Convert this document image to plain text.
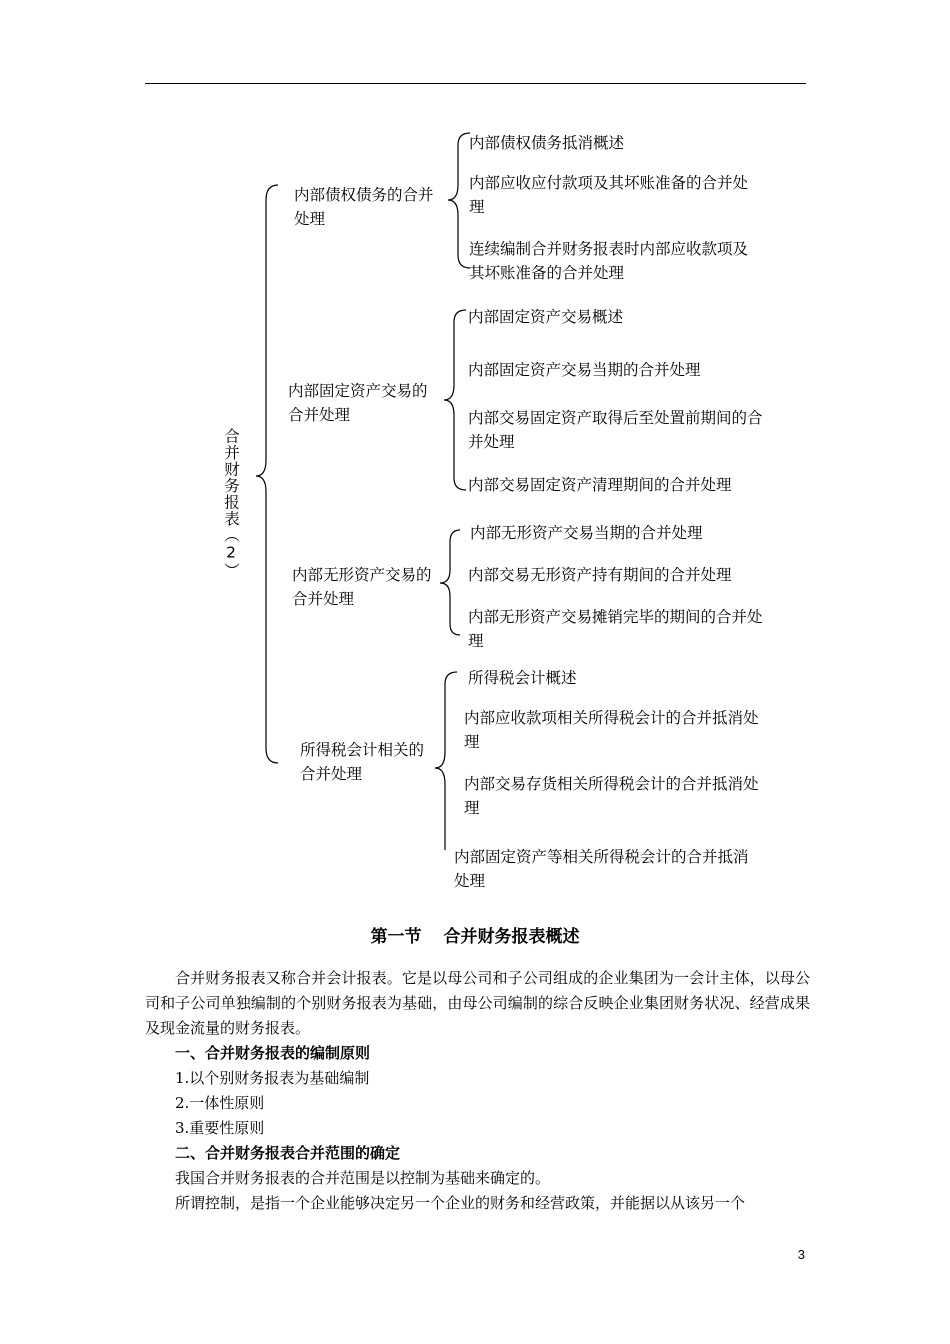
合并财务报表（2）
内部债权债务的合并处理
内部债权债务抵消概述
内部应收应付款项及其坏账准备的合并处理
连续编制合并财务报表时内部应收款项及其坏账准备的合并处理
内部固定资产交易的合并处理
内部固定资产交易概述
内部固定资产交易当期的合并处理
内部交易固定资产取得后至处置前期间的合并处理
内部交易固定资产清理期间的合并处理
内部无形资产交易的合并处理
内部无形资产交易当期的合并处理
内部交易无形资产持有期间的合并处理
内部无形资产交易摊销完毕的期间的合并处理
所得税会计相关的合并处理
所得税会计概述
内部应收款项相关所得税会计的合并抵消处理
内部交易存货相关所得税会计的合并抵消处理
内部固定资产等相关所得税会计的合并抵消处理
第一节 合并财务报表概述

合并财务报表又称合并会计报表。它是以母公司和子公司组成的企业集团为一会计主体，以母公司和子公司单独编制的个别财务报表为基础，由母公司编制的综合反映企业集团财务状况、经营成果及现金流量的财务报表。

一、合并财务报表的编制原则

1.以个别财务报表为基础编制

2.一体性原则

3.重要性原则

二、合并财务报表合并范围的确定

我国合并财务报表的合并范围是以控制为基础来确定的。

所谓控制，是指一个企业能够决定另一个企业的财务和经营政策，并能据以从该另一个

3
